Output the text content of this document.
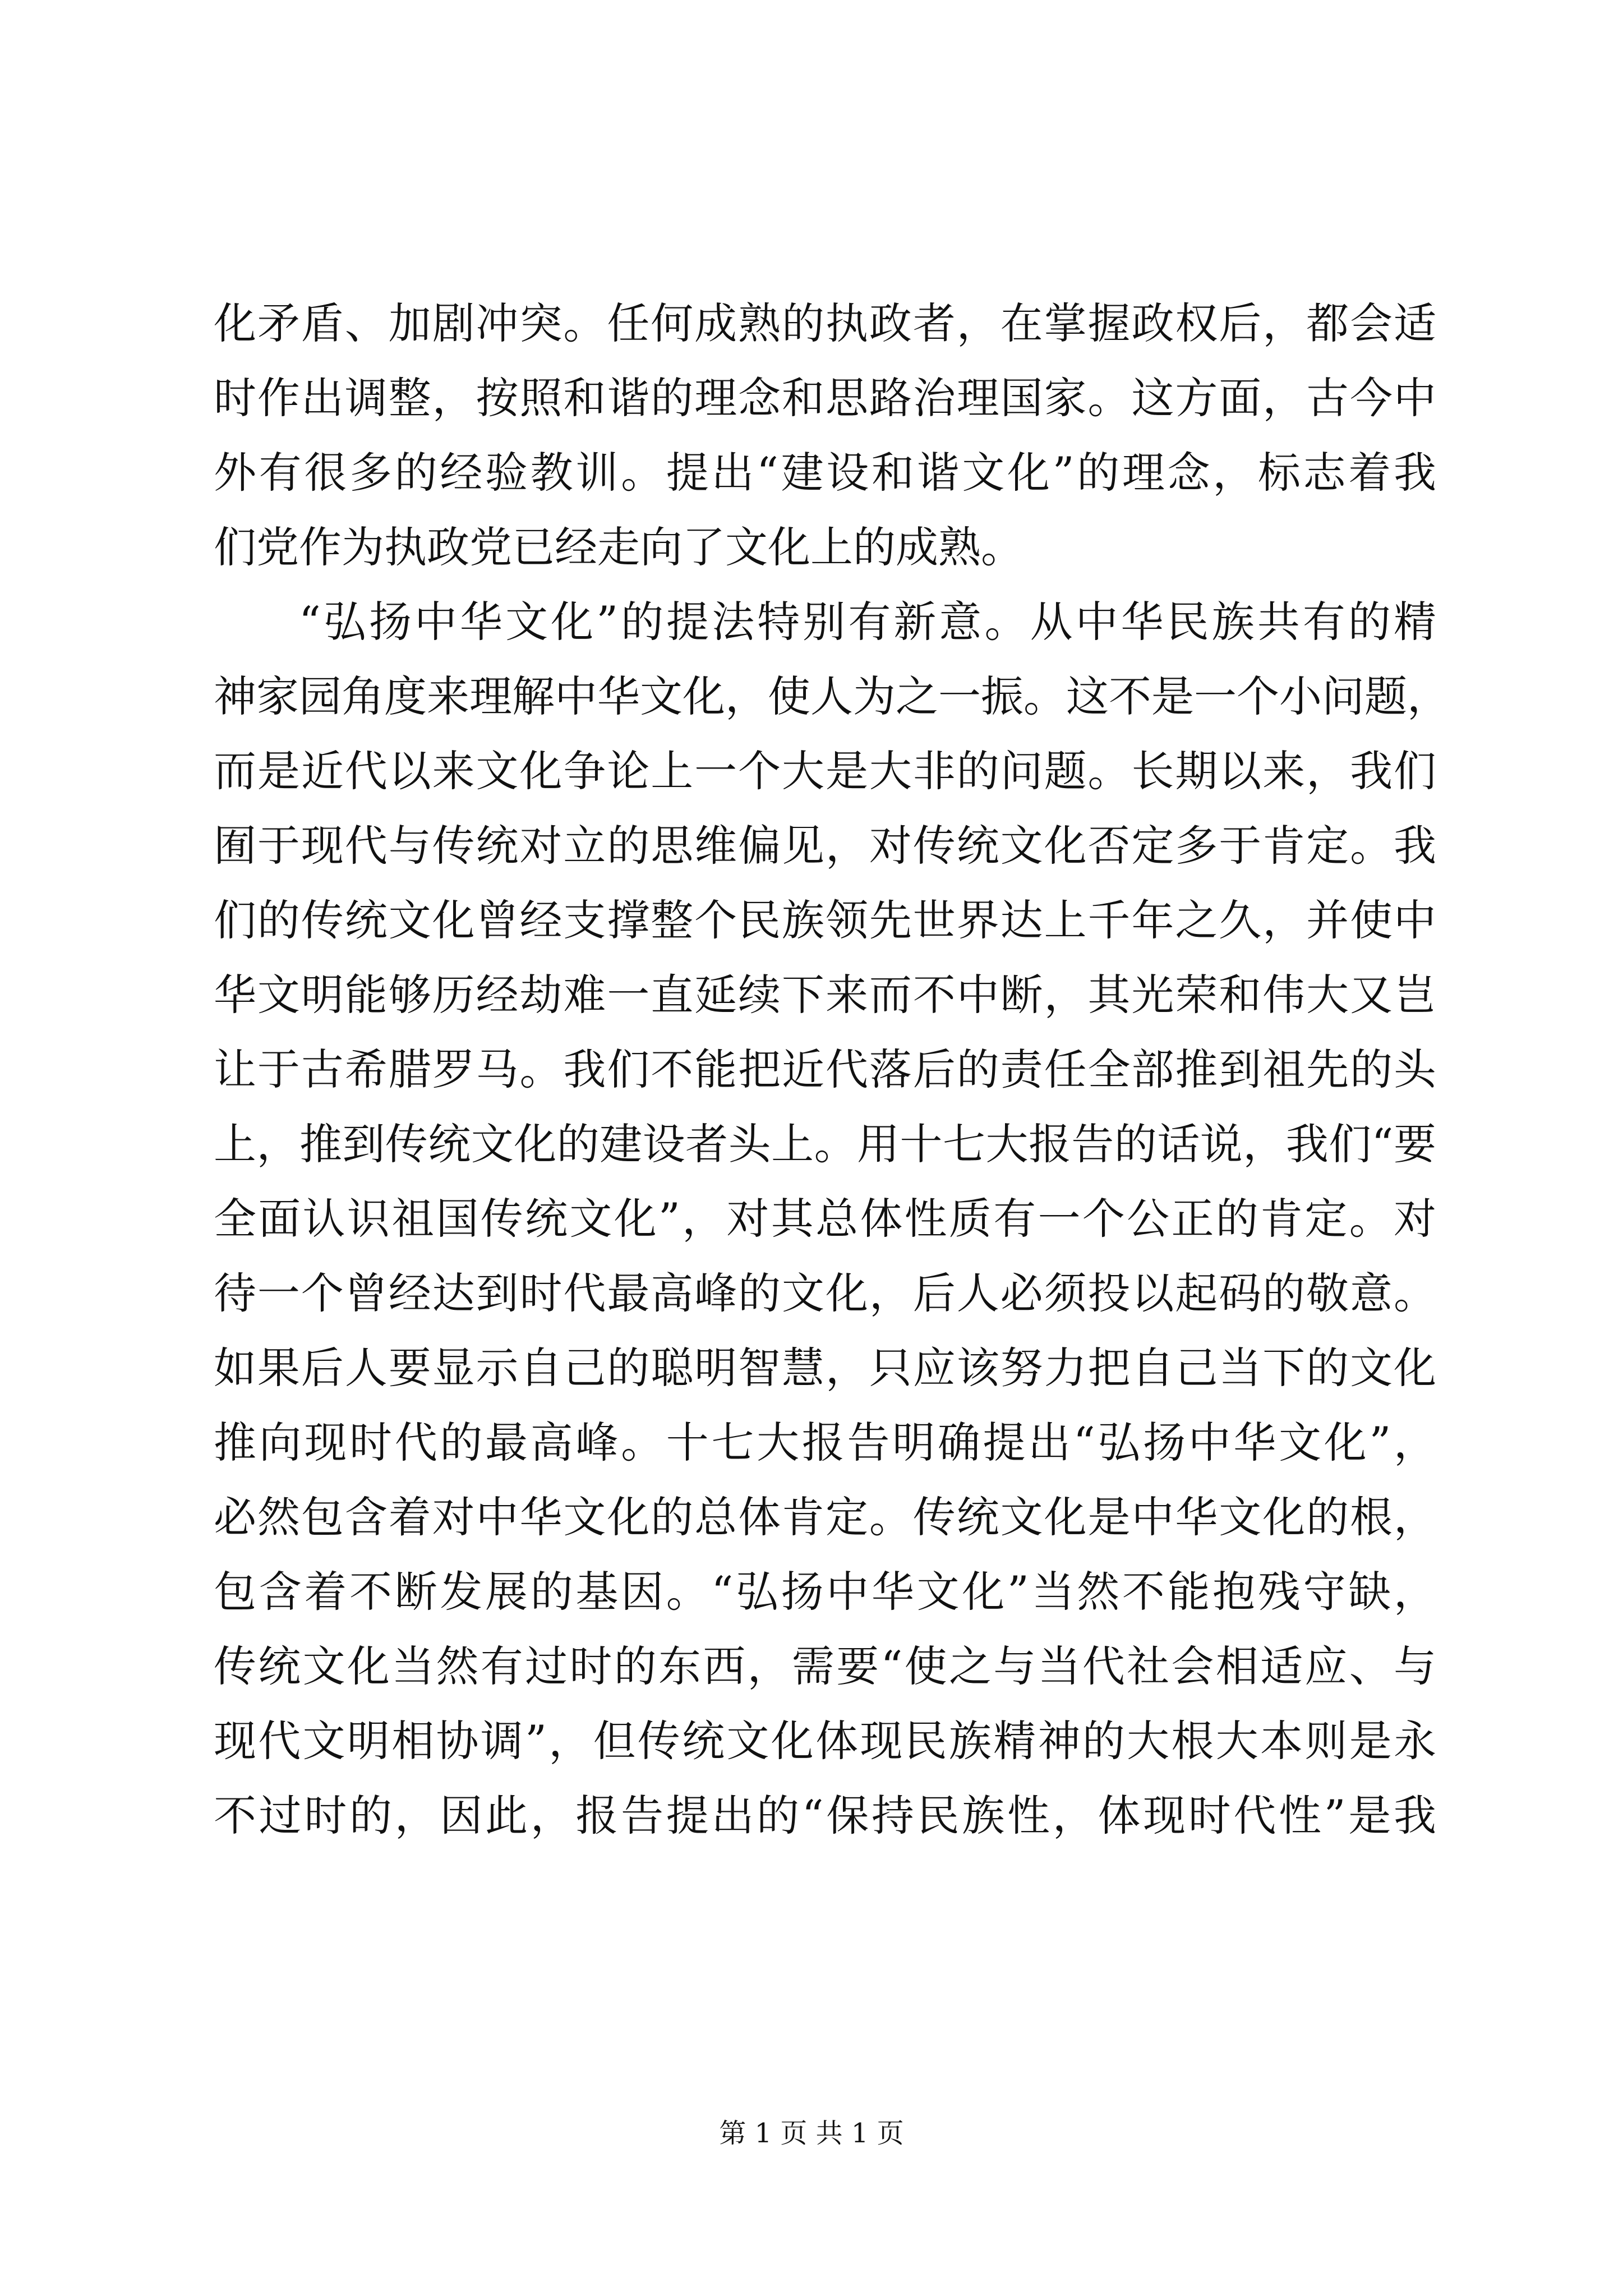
化矛盾、加剧冲突。任何成熟的执政者，在掌握政权后，都会适
时作出调整，按照和谐的理念和思路治理国家。这方面，古今中
外有很多的经验教训。提出“建设和谐文化”的理念，标志着我
们党作为执政党已经走向了文化上的成熟。
“弘扬中华文化”的提法特别有新意。从中华民族共有的精
神家园角度来理解中华文化，使人为之一振。这不是一个小问题，
而是近代以来文化争论上一个大是大非的问题。长期以来，我们
囿于现代与传统对立的思维偏见，对传统文化否定多于肯定。我
们的传统文化曾经支撑整个民族领先世界达上千年之久，并使中
华文明能够历经劫难一直延续下来而不中断，其光荣和伟大又岂
让于古希腊罗马。我们不能把近代落后的责任全部推到祖先的头
上，推到传统文化的建设者头上。用十七大报告的话说，我们“要
全面认识祖国传统文化”，对其总体性质有一个公正的肯定。对
待一个曾经达到时代最高峰的文化，后人必须投以起码的敬意。
如果后人要显示自己的聪明智慧，只应该努力把自己当下的文化
推向现时代的最高峰。十七大报告明确提出“弘扬中华文化”，
必然包含着对中华文化的总体肯定。传统文化是中华文化的根，
包含着不断发展的基因。“弘扬中华文化”当然不能抱残守缺，
传统文化当然有过时的东西，需要“使之与当代社会相适应、与
现代文明相协调”，但传统文化体现民族精神的大根大本则是永
不过时的，因此，报告提出的“保持民族性，体现时代性”是我
第 1 页 共 1 页
